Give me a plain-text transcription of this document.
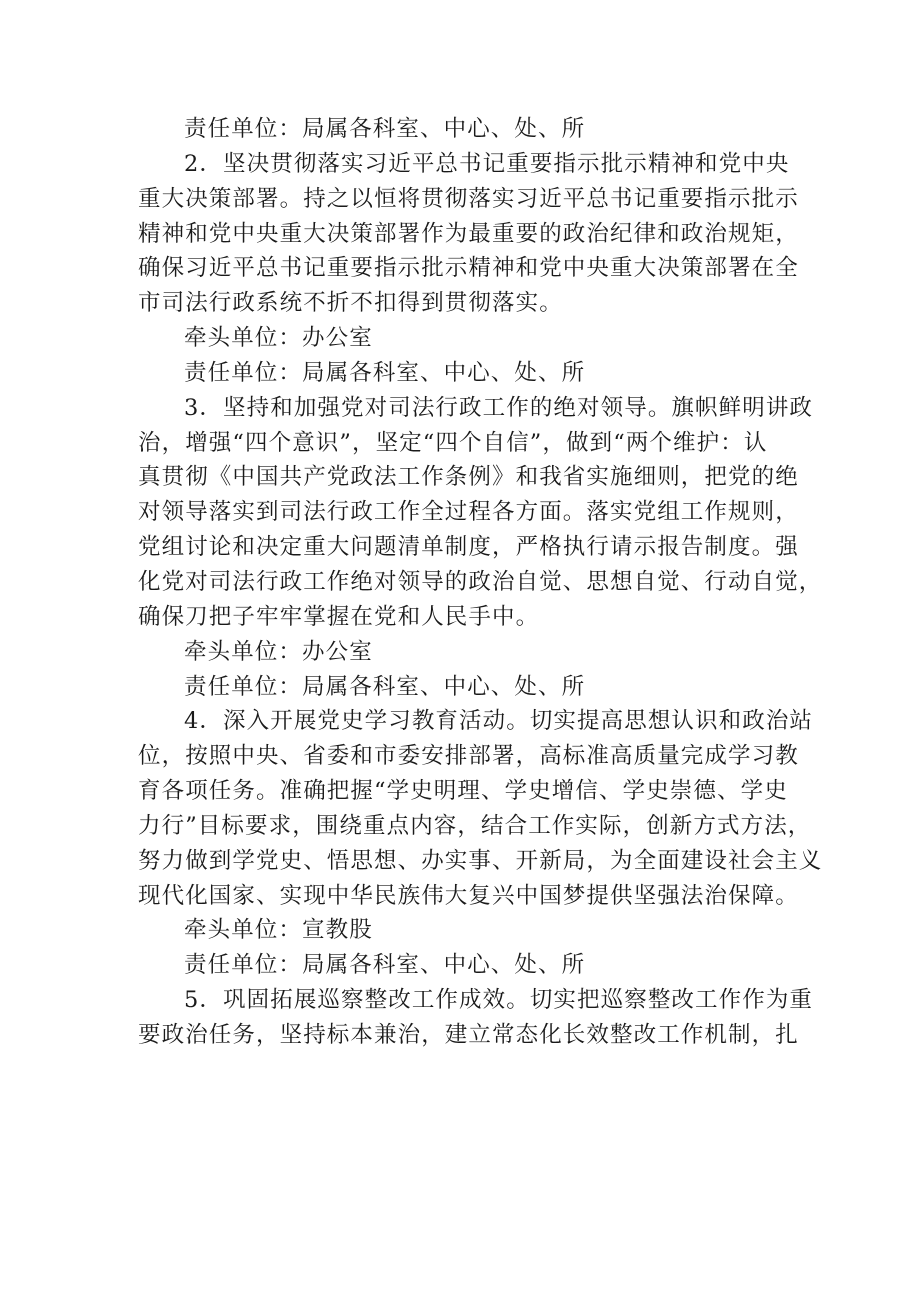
责任单位：局属各科室、中心、处、所
2．坚决贯彻落实习近平总书记重要指示批示精神和党中央
重大决策部署。持之以恒将贯彻落实习近平总书记重要指示批示
精神和党中央重大决策部署作为最重要的政治纪律和政治规矩，
确保习近平总书记重要指示批示精神和党中央重大决策部署在全
市司法行政系统不折不扣得到贯彻落实。
牵头单位：办公室
责任单位：局属各科室、中心、处、所
3．坚持和加强党对司法行政工作的绝对领导。旗帜鲜明讲政
治，增强“四个意识”，坚定“四个自信”，做到“两个维护：认
真贯彻《中国共产党政法工作条例》和我省实施细则，把党的绝
对领导落实到司法行政工作全过程各方面。落实党组工作规则，
党组讨论和决定重大问题清单制度，严格执行请示报告制度。强
化党对司法行政工作绝对领导的政治自觉、思想自觉、行动自觉，
确保刀把子牢牢掌握在党和人民手中。
牵头单位：办公室
责任单位：局属各科室、中心、处、所
4．深入开展党史学习教育活动。切实提高思想认识和政治站
位，按照中央、省委和市委安排部署，高标准高质量完成学习教
育各项任务。准确把握“学史明理、学史增信、学史崇德、学史
力行”目标要求，围绕重点内容，结合工作实际，创新方式方法，
努力做到学党史、悟思想、办实事、开新局，为全面建设社会主义
现代化国家、实现中华民族伟大复兴中国梦提供坚强法治保障。
牵头单位：宣教股
责任单位：局属各科室、中心、处、所
5．巩固拓展巡察整改工作成效。切实把巡察整改工作作为重
要政治任务，坚持标本兼治，建立常态化长效整改工作机制，扎
